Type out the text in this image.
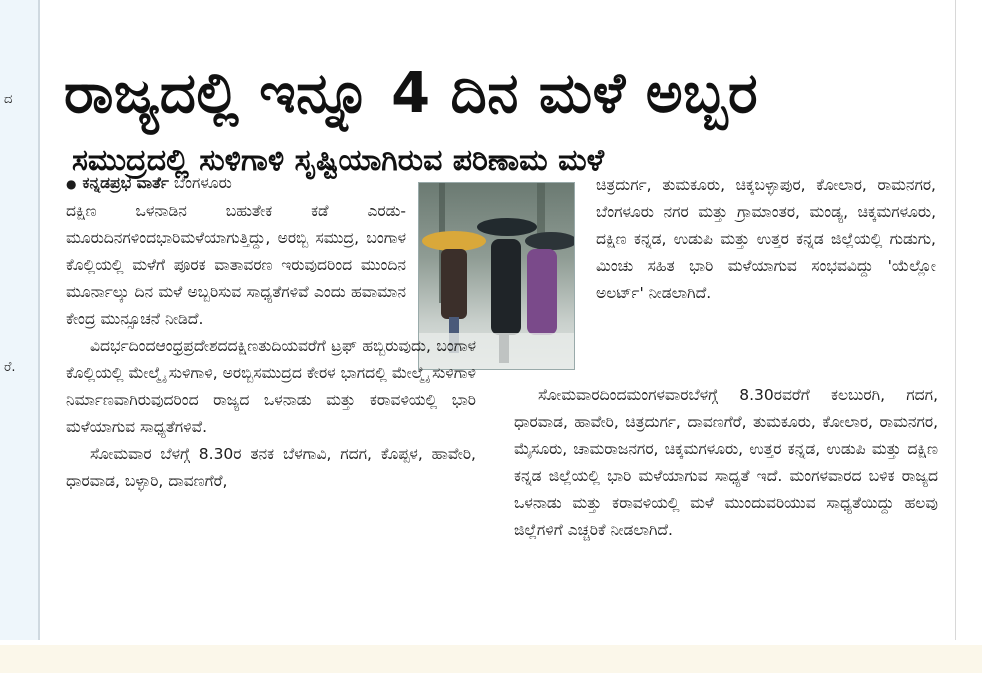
ದ
ರೆ.
ರಾಜ್ಯದಲ್ಲಿ ಇನ್ನೂ 4 ದಿನ ಮಳೆ ಅಬ್ಬರ
ಸಮುದ್ರದಲ್ಲಿ ಸುಳಿಗಾಳಿ ಸೃಷ್ಟಿಯಾಗಿರುವ ಪರಿಣಾಮ ಮಳೆ

● ಕನ್ನಡಪ್ರಭ ವಾರ್ತೆ ಬೆಂಗಳೂರು

ದಕ್ಷಿಣ ಒಳನಾಡಿನ ಬಹುತೇಕ ಕಡೆ ಎರಡು-ಮೂರುದಿನಗಳಿಂದಭಾರಿಮಳೆಯಾಗುತ್ತಿದ್ದು, ಅರಬ್ಬಿ ಸಮುದ್ರ, ಬಂಗಾಳ ಕೊಲ್ಲಿಯಲ್ಲಿ ಮಳೆಗೆ ಪೂರಕ ವಾತಾವರಣ ಇರುವುದರಿಂದ ಮುಂದಿನ ಮೂರ್ನಾಲ್ಕು ದಿನ ಮಳೆ ಅಬ್ಬರಿಸುವ ಸಾಧ್ಯತೆಗಳಿವೆ ಎಂದು ಹವಾಮಾನ ಕೇಂದ್ರ ಮುನ್ಸೂಚನೆ ನೀಡಿದೆ.

ವಿದರ್ಭದಿಂದಆಂಧ್ರಪ್ರದೇಶದದಕ್ಷಿಣತುದಿಯವರೆಗೆ ಟ್ರಫ್ ಹಬ್ಬಿರುವುದು, ಬಂಗಾಳ ಕೊಲ್ಲಿಯಲ್ಲಿ ಮೇಲ್ಮೈ ಸುಳಿಗಾಳಿ, ಅರಬ್ಬಿಸಮುದ್ರದ ಕೇರಳ ಭಾಗದಲ್ಲಿ ಮೇಲ್ಮೈ ಸುಳಿಗಾಳಿ ನಿರ್ಮಾಣವಾಗಿರುವುದರಿಂದ ರಾಜ್ಯದ ಒಳನಾಡು ಮತ್ತು ಕರಾವಳಿಯಲ್ಲಿ ಭಾರಿ ಮಳೆಯಾಗುವ ಸಾಧ್ಯತೆಗಳಿವೆ.

ಸೋಮವಾರ ಬೆಳಗ್ಗೆ 8.30ರ ತನಕ ಬೆಳಗಾವಿ, ಗದಗ, ಕೊಪ್ಪಳ, ಹಾವೇರಿ, ಧಾರವಾಡ, ಬಳ್ಳಾರಿ, ದಾವಣಗೆರೆ,

ಚಿತ್ರದುರ್ಗ, ತುಮಕೂರು, ಚಿಕ್ಕಬಳ್ಳಾಪುರ, ಕೋಲಾರ, ರಾಮನಗರ, ಬೆಂಗಳೂರು ನಗರ ಮತ್ತು ಗ್ರಾಮಾಂತರ, ಮಂಡ್ಯ, ಚಿಕ್ಕಮಗಳೂರು, ದಕ್ಷಿಣ ಕನ್ನಡ, ಉಡುಪಿ ಮತ್ತು ಉತ್ತರ ಕನ್ನಡ ಜಿಲ್ಲೆಯಲ್ಲಿ ಗುಡುಗು, ಮಿಂಚು ಸಹಿತ ಭಾರಿ ಮಳೆಯಾಗುವ ಸಂಭವವಿದ್ದು 'ಯೆಲ್ಲೋ ಅಲರ್ಟ್' ನೀಡಲಾಗಿದೆ.

ಸೋಮವಾರದಿಂದಮಂಗಳವಾರಬೆಳಗ್ಗೆ 8.30ರವರೆಗೆ ಕಲಬುರಗಿ, ಗದಗ, ಧಾರವಾಡ, ಹಾವೇರಿ, ಚಿತ್ರದುರ್ಗ, ದಾವಣಗೆರೆ, ತುಮಕೂರು, ಕೋಲಾರ, ರಾಮನಗರ, ಮೈಸೂರು, ಚಾಮರಾಜನಗರ, ಚಿಕ್ಕಮಗಳೂರು, ಉತ್ತರ ಕನ್ನಡ, ಉಡುಪಿ ಮತ್ತು ದಕ್ಷಿಣ ಕನ್ನಡ ಜಿಲ್ಲೆಯಲ್ಲಿ ಭಾರಿ ಮಳೆಯಾಗುವ ಸಾಧ್ಯತೆ ಇದೆ. ಮಂಗಳವಾರದ ಬಳಿಕ ರಾಜ್ಯದ ಒಳನಾಡು ಮತ್ತು ಕರಾವಳಿಯಲ್ಲಿ ಮಳೆ ಮುಂದುವರಿಯುವ ಸಾಧ್ಯತೆಯಿದ್ದು ಹಲವು ಜಿಲ್ಲೆಗಳಿಗೆ ಎಚ್ಚರಿಕೆ ನೀಡಲಾಗಿದೆ.
